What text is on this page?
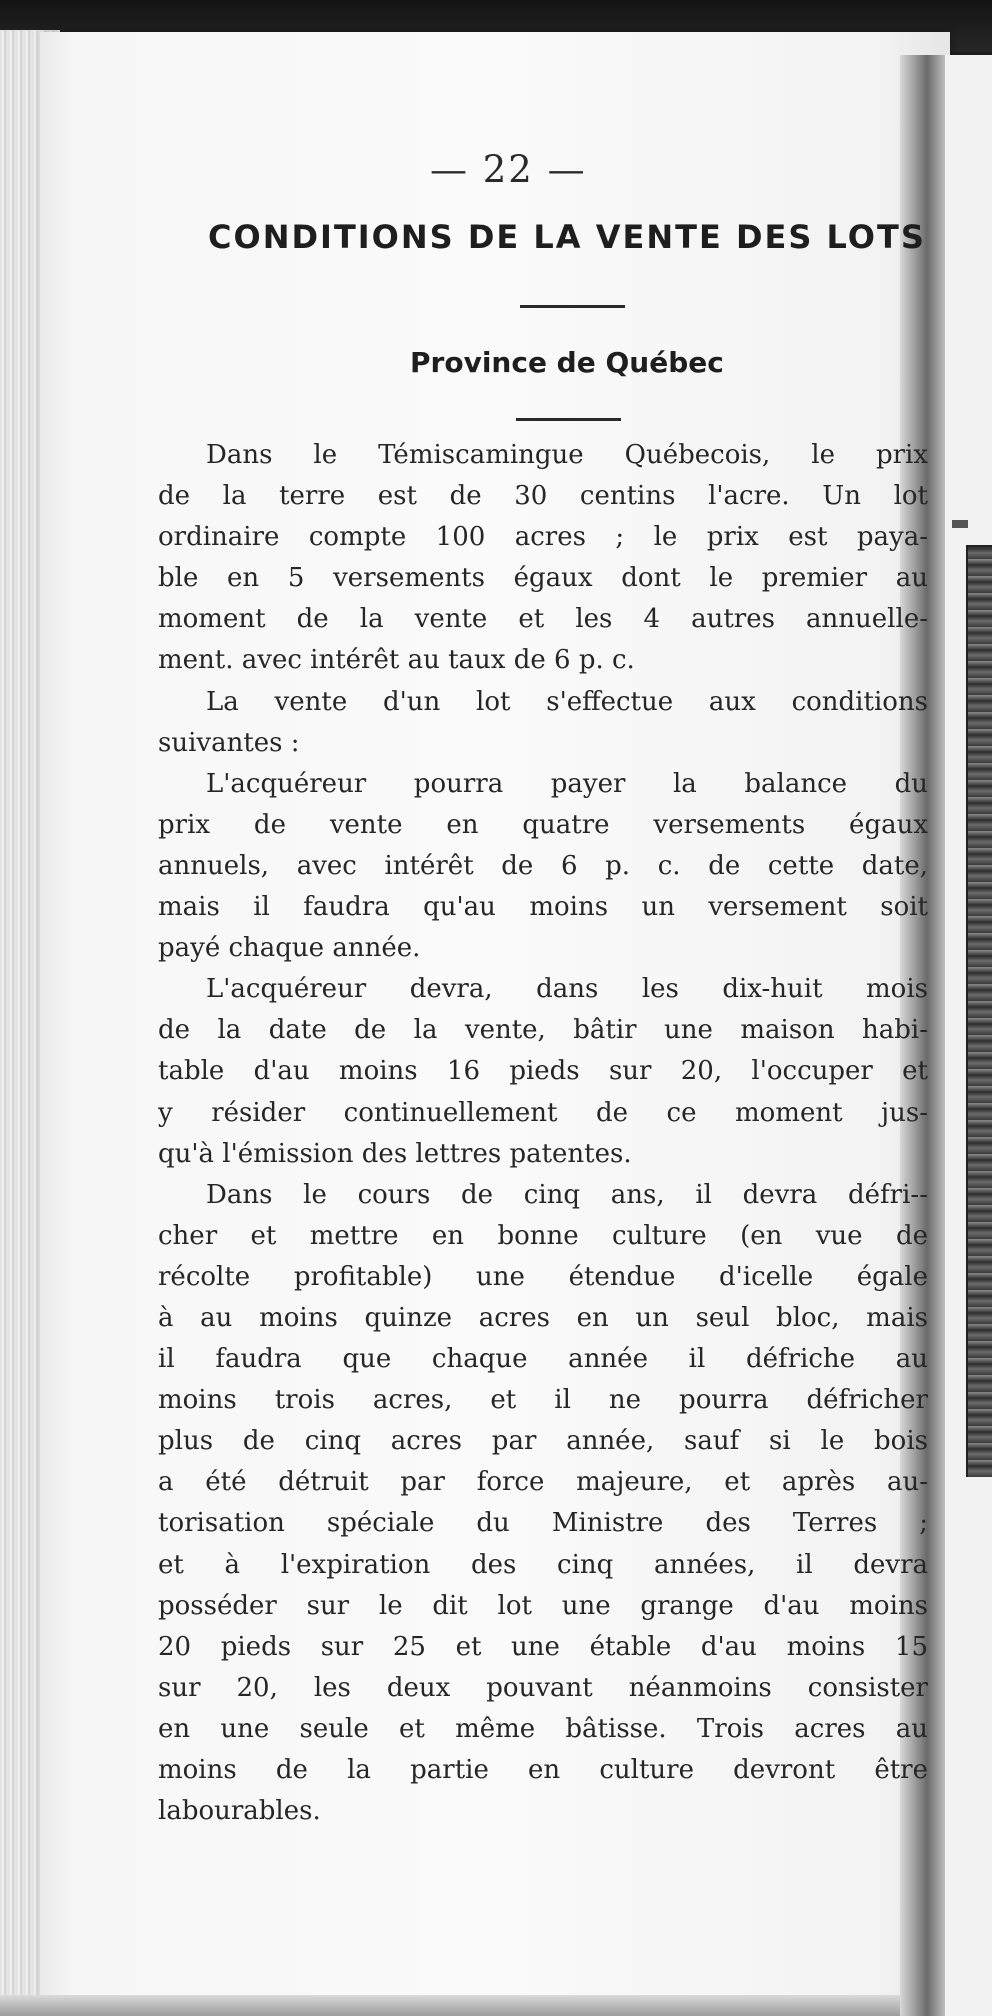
— 22 —
CONDITIONS DE LA VENTE DES LOTS
Province de Québec
Dans le Témiscamingue Québecois, le prix
de la terre est de 30 centins l'acre. Un lot
ordinaire compte 100 acres ; le prix est paya-
ble en 5 versements égaux dont le premier au
moment de la vente et les 4 autres annuelle-
ment. avec intérêt au taux de 6 p. c.
La vente d'un lot s'effectue aux conditions
suivantes :
L'acquéreur pourra payer la balance du
prix de vente en quatre versements égaux
annuels, avec intérêt de 6 p. c. de cette date,
mais il faudra qu'au moins un versement soit
payé chaque année.
L'acquéreur devra, dans les dix-huit mois
de la date de la vente, bâtir une maison habi-
table d'au moins 16 pieds sur 20, l'occuper et
y résider continuellement de ce moment jus-
qu'à l'émission des lettres patentes.
Dans le cours de cinq ans, il devra défri--
cher et mettre en bonne culture (en vue de
récolte profitable) une étendue d'icelle égale
à au moins quinze acres en un seul bloc, mais
il faudra que chaque année il défriche au
moins trois acres, et il ne pourra défricher
plus de cinq acres par année, sauf si le bois
a été détruit par force majeure, et après au-
torisation spéciale du Ministre des Terres ;
et à l'expiration des cinq années, il devra
posséder sur le dit lot une grange d'au moins
20 pieds sur 25 et une étable d'au moins 15
sur 20, les deux pouvant néanmoins consister
en une seule et même bâtisse. Trois acres au
moins de la partie en culture devront être
labourables.
